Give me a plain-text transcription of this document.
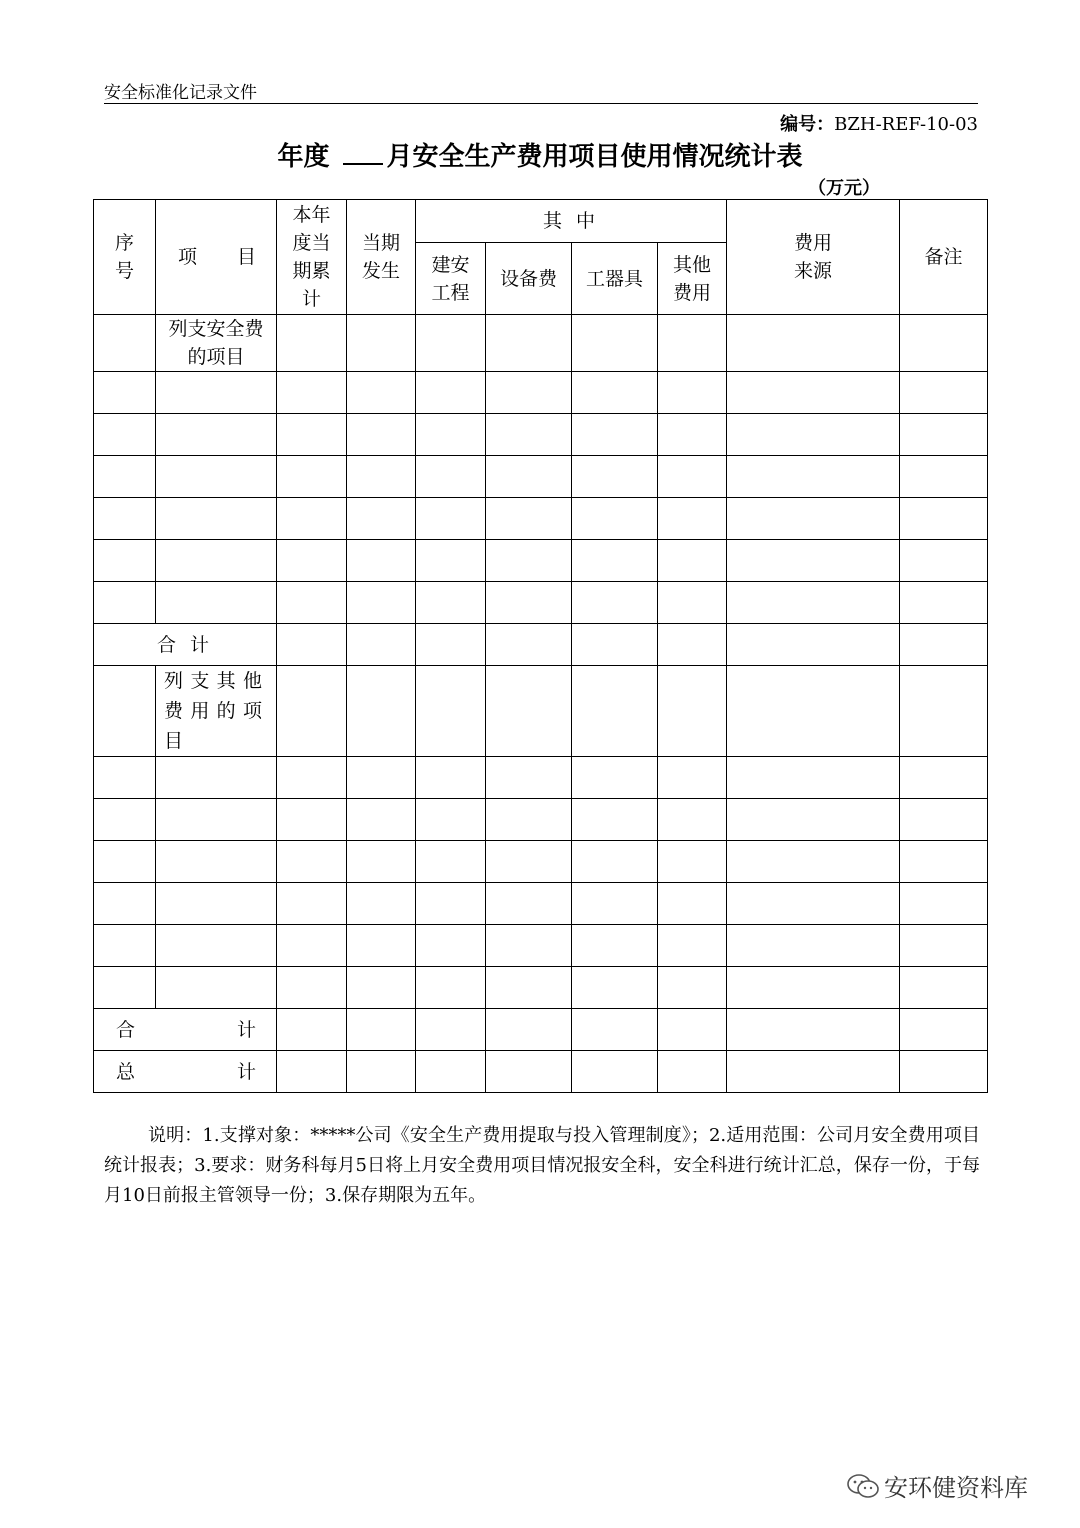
安全标准化记录文件
编号：BZH-REF-10-03
年度 月安全生产费用项目使用情况统计表
（万元）
序号	项 目	本年度当期累计	当期发生	其 中				费用来源	备注
				建安工程	设备费	工器具	其他费用		
	列支安全费的项目								

合 计									
	列支其他费用的项目								

合 计									

总 计									

说明：1.支撑对象：*****公司《安全生产费用提取与投入管理制度》；2.适用范围：公司月安全费用项目统计报表；3.要求：财务科每月5日将上月安全费用项目情况报安全科，安全科进行统计汇总，保存一份，于每月10日前报主管领导一份；3.保存期限为五年。
安环健资料库
